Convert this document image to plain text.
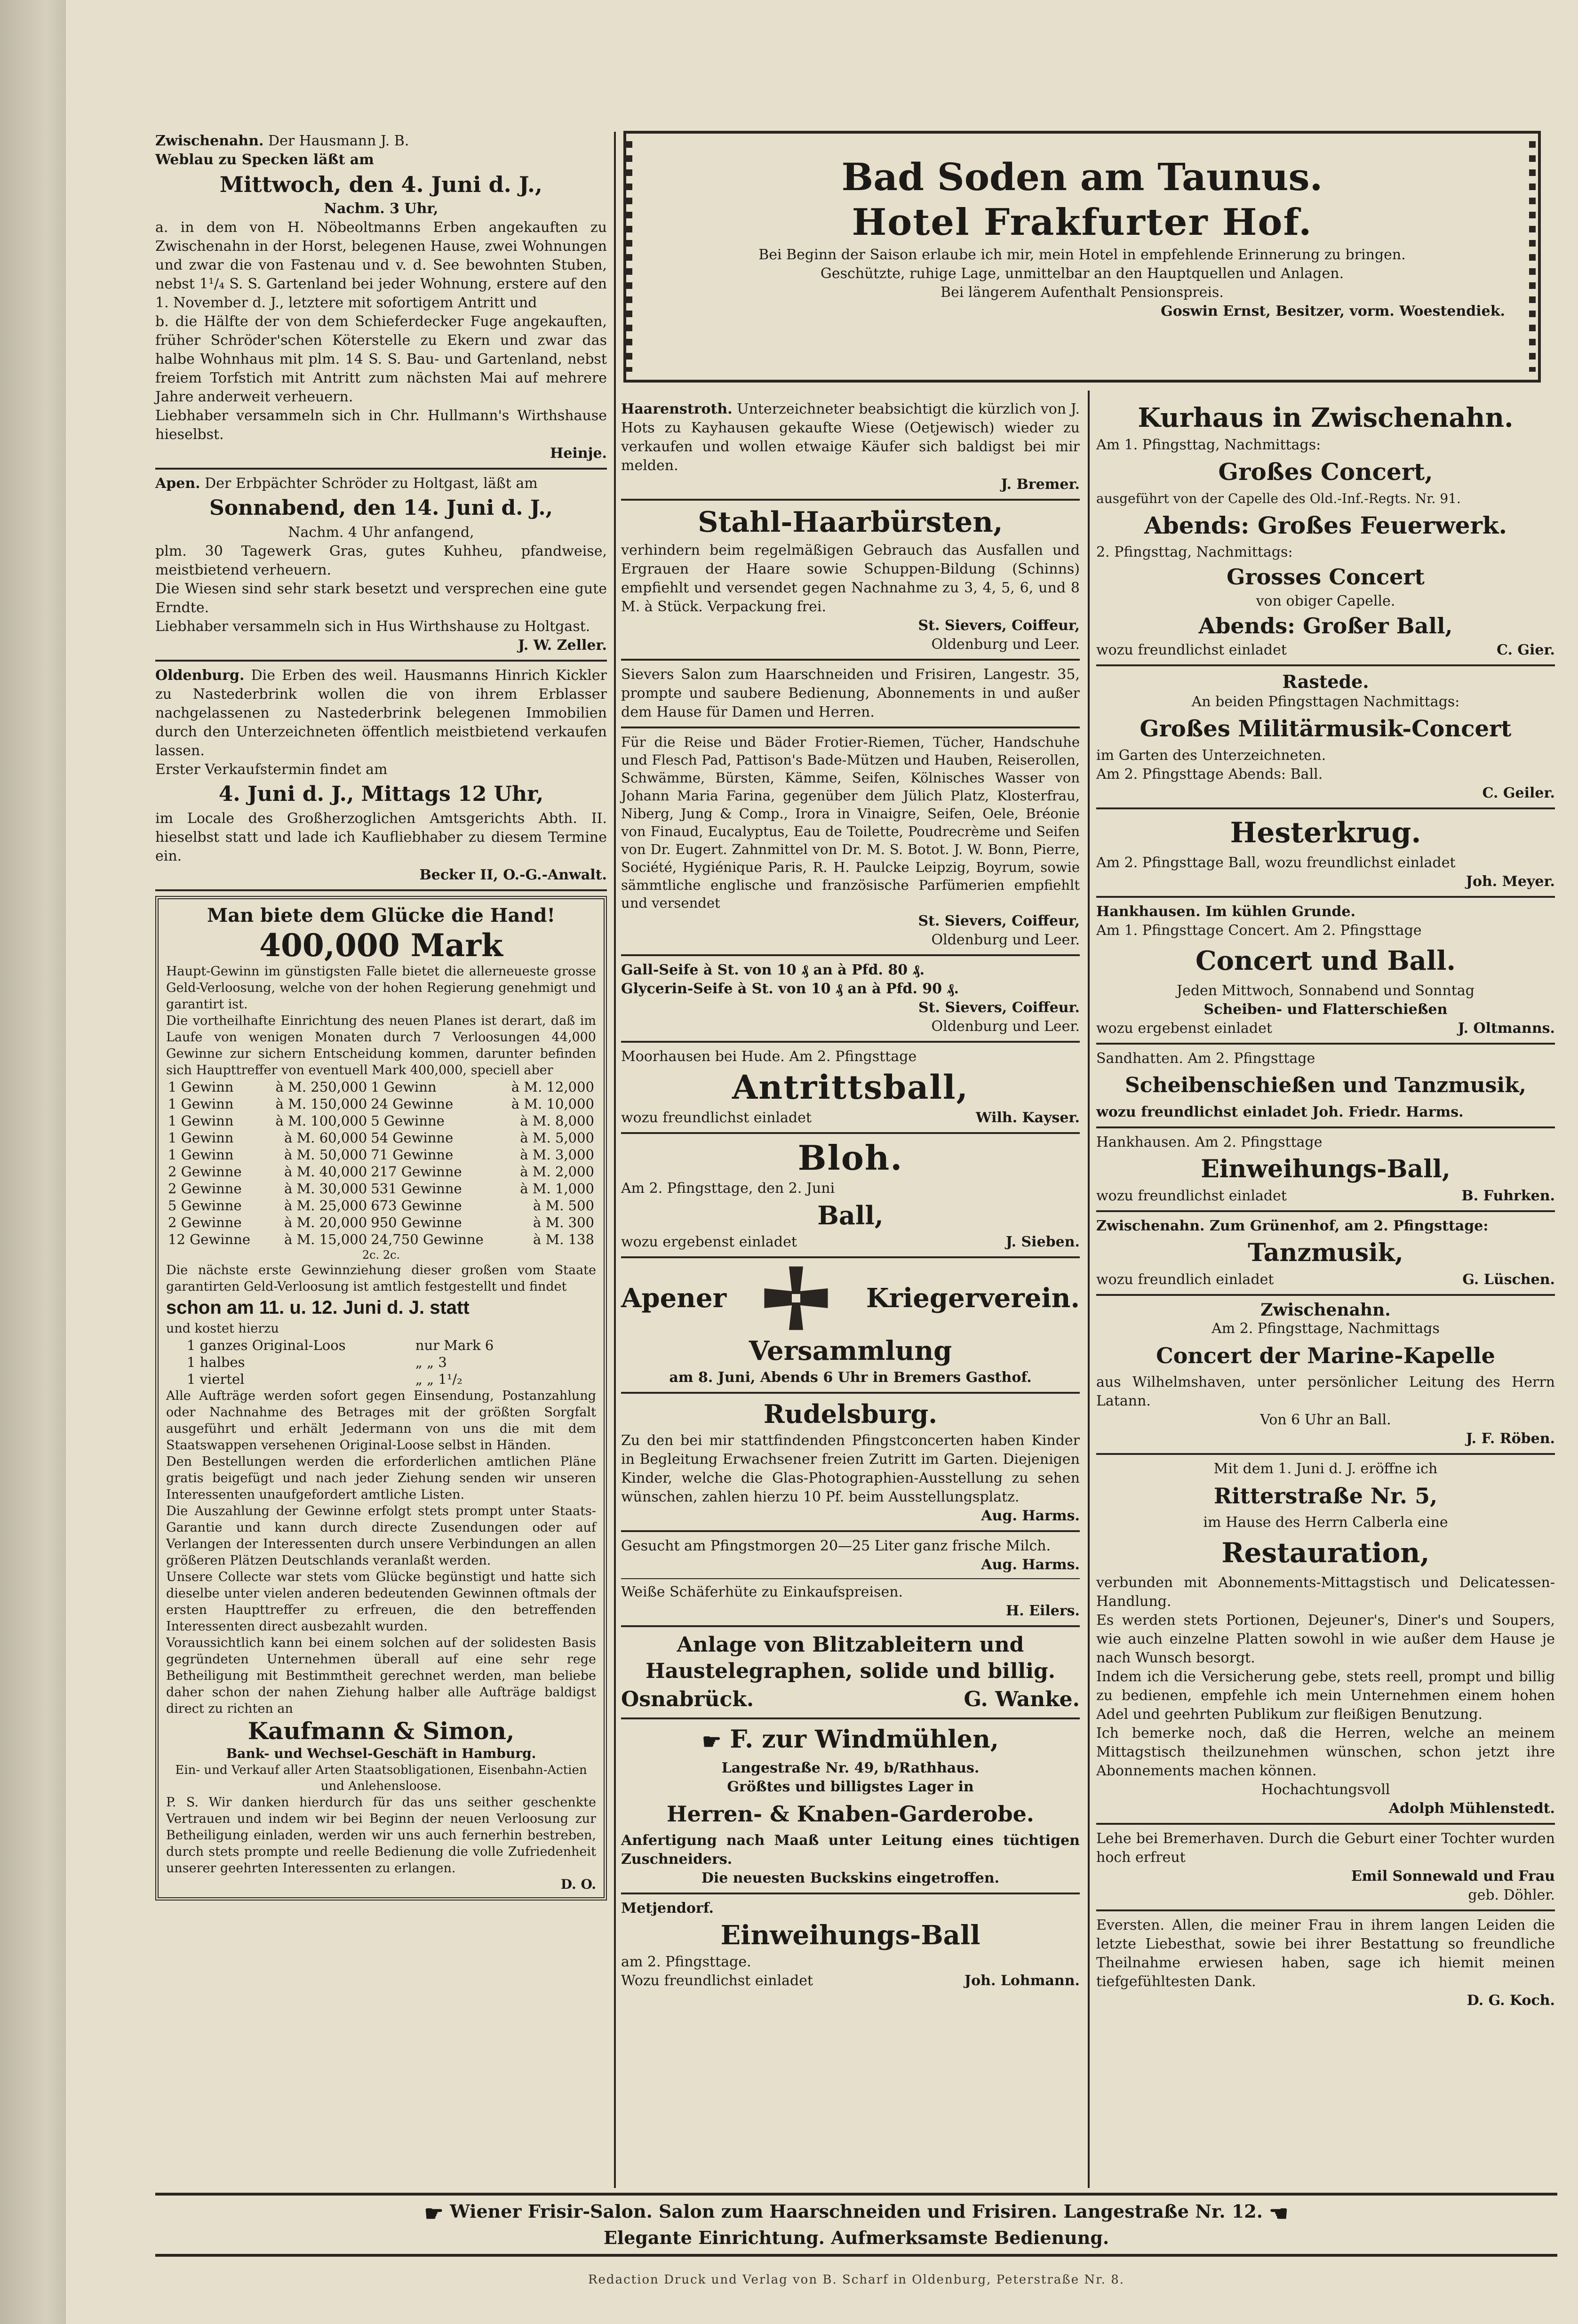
Bad Soden am Taunus.
Hotel Frakfurter Hof.

Bei Beginn der Saison erlaube ich mir, mein Hotel in empfehlende Erinnerung zu bringen.

Geschützte, ruhige Lage, unmittelbar an den Hauptquellen und Anlagen.

Bei längerem Aufenthalt Pensionspreis.

Goswin Ernst, Besitzer, vorm. Woestendiek.

Zwischenahn. Der Hausmann J. B.

Weblau zu Specken läßt am

Mittwoch, den 4. Juni d. J.,

Nachm. 3 Uhr,

a. in dem von H. Nöbeoltmanns Erben angekauften zu Zwischenahn in der Horst, belegenen Hause, zwei Wohnungen und zwar die von Fastenau und v. d. See bewohnten Stuben, nebst 1¹/₄ S. S. Gartenland bei jeder Wohnung, erstere auf den 1. November d. J., letztere mit sofortigem Antritt und

b. die Hälfte der von dem Schieferdecker Fuge angekauften, früher Schröder'schen Köterstelle zu Ekern und zwar das halbe Wohnhaus mit plm. 14 S. S. Bau- und Gartenland, nebst freiem Torfstich mit Antritt zum nächsten Mai auf mehrere Jahre anderweit verheuern.

Liebhaber versammeln sich in Chr. Hullmann's Wirthshause hieselbst.

Heinje.

Apen. Der Erbpächter Schröder zu Holtgast, läßt am

Sonnabend, den 14. Juni d. J.,

Nachm. 4 Uhr anfangend,

plm. 30 Tagewerk Gras, gutes Kuhheu, pfandweise, meistbietend verheuern.

Die Wiesen sind sehr stark besetzt und versprechen eine gute Erndte.

Liebhaber versammeln sich in Hus Wirthshause zu Holtgast.

J. W. Zeller.

Oldenburg. Die Erben des weil. Hausmanns Hinrich Kickler zu Nastederbrink wollen die von ihrem Erblasser nachgelassenen zu Nastederbrink belegenen Immobilien durch den Unterzeichneten öffentlich meistbietend verkaufen lassen.

Erster Verkaufstermin findet am

4. Juni d. J., Mittags 12 Uhr,

im Locale des Großherzoglichen Amtsgerichts Abth. II. hieselbst statt und lade ich Kaufliebhaber zu diesem Termine ein.

Becker II, O.-G.-Anwalt.

Man biete dem Glücke die Hand!
400,000 Mark

Haupt-Gewinn im günstigsten Falle bietet die allerneueste grosse Geld-Verloosung, welche von der hohen Regierung genehmigt und garantirt ist.

Die vortheilhafte Einrichtung des neuen Planes ist derart, daß im Laufe von wenigen Monaten durch 7 Verloosungen 44,000 Gewinne zur sichern Entscheidung kommen, darunter befinden sich Haupttreffer von eventuell Mark 400,000, speciell aber

1 Gewinn	à M. 250,000	1 Gewinn	à M. 12,000
1 Gewinn	à M. 150,000	24 Gewinne	à M. 10,000
1 Gewinn	à M. 100,000	5 Gewinne	à M. 8,000
1 Gewinn	à M. 60,000	54 Gewinne	à M. 5,000
1 Gewinn	à M. 50,000	71 Gewinne	à M. 3,000
2 Gewinne	à M. 40,000	217 Gewinne	à M. 2,000
2 Gewinne	à M. 30,000	531 Gewinne	à M. 1,000
5 Gewinne	à M. 25,000	673 Gewinne	à M. 500
2 Gewinne	à M. 20,000	950 Gewinne	à M. 300
12 Gewinne	à M. 15,000	24,750 Gewinne	à M. 138

2c. 2c.

Die nächste erste Gewinnziehung dieser großen vom Staate garantirten Geld-Verloosung ist amtlich festgestellt und findet

schon am 11. u. 12. Juni d. J. statt

und kostet hierzu

1 ganzes Original-Loos	nur Mark 6
1 halbes	„ „ 3
1 viertel	„ „ 1¹/₂

Alle Aufträge werden sofort gegen Einsendung, Postanzahlung oder Nachnahme des Betrages mit der größten Sorgfalt ausgeführt und erhält Jedermann von uns die mit dem Staatswappen versehenen Original-Loose selbst in Händen.

Den Bestellungen werden die erforderlichen amtlichen Pläne gratis beigefügt und nach jeder Ziehung senden wir unseren Interessenten unaufgefordert amtliche Listen.

Die Auszahlung der Gewinne erfolgt stets prompt unter Staats-Garantie und kann durch directe Zusendungen oder auf Verlangen der Interessenten durch unsere Verbindungen an allen größeren Plätzen Deutschlands veranlaßt werden.

Unsere Collecte war stets vom Glücke begünstigt und hatte sich dieselbe unter vielen anderen bedeutenden Gewinnen oftmals der ersten Haupttreffer zu erfreuen, die den betreffenden Interessenten direct ausbezahlt wurden.

Voraussichtlich kann bei einem solchen auf der solidesten Basis gegründeten Unternehmen überall auf eine sehr rege Betheiligung mit Bestimmtheit gerechnet werden, man beliebe daher schon der nahen Ziehung halber alle Aufträge baldigst direct zu richten an

Kaufmann & Simon,

Bank- und Wechsel-Geschäft in Hamburg.

Ein- und Verkauf aller Arten Staatsobligationen, Eisenbahn-Actien und Anlehensloose.

P. S. Wir danken hierdurch für das uns seither geschenkte Vertrauen und indem wir bei Beginn der neuen Verloosung zur Betheiligung einladen, werden wir uns auch fernerhin bestreben, durch stets prompte und reelle Bedienung die volle Zufriedenheit unserer geehrten Interessenten zu erlangen.

D. O.

Haarenstroth. Unterzeichneter beabsichtigt die kürzlich von J. Hots zu Kayhausen gekaufte Wiese (Oetjewisch) wieder zu verkaufen und wollen etwaige Käufer sich baldigst bei mir melden.

J. Bremer.

Stahl-Haarbürsten,

verhindern beim regelmäßigen Gebrauch das Ausfallen und Ergrauen der Haare sowie Schuppen-Bildung (Schinns) empfiehlt und versendet gegen Nachnahme zu 3, 4, 5, 6, und 8 M. à Stück. Verpackung frei.

St. Sievers, Coiffeur,

Oldenburg und Leer.

Sievers Salon zum Haarschneiden und Frisiren, Langestr. 35, prompte und saubere Bedienung, Abonnements in und außer dem Hause für Damen und Herren.

Für die Reise und Bäder Frotier-Riemen, Tücher, Handschuhe und Flesch Pad, Pattison's Bade-Mützen und Hauben, Reiserollen, Schwämme, Bürsten, Kämme, Seifen, Kölnisches Wasser von Johann Maria Farina, gegenüber dem Jülich Platz, Klosterfrau, Niberg, Jung & Comp., Irora in Vinaigre, Seifen, Oele, Bréonie von Finaud, Eucalyptus, Eau de Toilette, Poudrecrème und Seifen von Dr. Eugert. Zahnmittel von Dr. M. S. Botot. J. W. Bonn, Pierre, Société, Hygiénique Paris, R. H. Paulcke Leipzig, Boyrum, sowie sämmtliche englische und französische Parfümerien empfiehlt und versendet

St. Sievers, Coiffeur,

Oldenburg und Leer.

Gall-Seife à St. von 10 ₰ an à Pfd. 80 ₰.

Glycerin-Seife à St. von 10 ₰ an à Pfd. 90 ₰.

St. Sievers, Coiffeur.

Oldenburg und Leer.

Moorhausen bei Hude. Am 2. Pfingsttage

Antrittsball,
wozu freundlichst einladet	Wilh. Kayser.
Bloh.

Am 2. Pfingsttage, den 2. Juni

Ball,
wozu ergebenst einladet	J. Sieben.
Apener	Kriegerverein.
Versammlung

am 8. Juni, Abends 6 Uhr in Bremers Gasthof.

Rudelsburg.

Zu den bei mir stattfindenden Pfingstconcerten haben Kinder in Begleitung Erwachsener freien Zutritt im Garten. Diejenigen Kinder, welche die Glas-Photographien-Ausstellung zu sehen wünschen, zahlen hierzu 10 Pf. beim Ausstellungsplatz.

Aug. Harms.

Gesucht am Pfingstmorgen 20—25 Liter ganz frische Milch.

Aug. Harms.

Weiße Schäferhüte zu Einkaufspreisen.

H. Eilers.

Anlage von Blitzableitern und Haustelegraphen, solide und billig.
Osnabrück.	G. Wanke.
☛ F. zur Windmühlen,

Langestraße Nr. 49, b/Rathhaus.

Größtes und billigstes Lager in

Herren- & Knaben-Garderobe.

Anfertigung nach Maaß unter Leitung eines tüchtigen Zuschneiders.

Die neuesten Buckskins eingetroffen.

Metjendorf.

Einweihungs-Ball

am 2. Pfingsttage.

Wozu freundlichst einladet	Joh. Lohmann.
Kurhaus in Zwischenahn.

Am 1. Pfingsttag, Nachmittags:

Großes Concert,

ausgeführt von der Capelle des Old.-Inf.-Regts. Nr. 91.

Abends: Großes Feuerwerk.

2. Pfingsttag, Nachmittags:

Grosses Concert

von obiger Capelle.

Abends: Großer Ball,
wozu freundlichst einladet	C. Gier.

Rastede.

An beiden Pfingsttagen Nachmittags:

Großes Militärmusik-Concert

im Garten des Unterzeichneten.

Am 2. Pfingsttage Abends: Ball.

C. Geiler.

Hesterkrug.

Am 2. Pfingsttage Ball, wozu freundlichst einladet

Joh. Meyer.

Hankhausen. Im kühlen Grunde.

Am 1. Pfingsttage Concert. Am 2. Pfingsttage

Concert und Ball.

Jeden Mittwoch, Sonnabend und Sonntag

Scheiben- und Flatterschießen

wozu ergebenst einladet	J. Oltmanns.

Sandhatten. Am 2. Pfingsttage

Scheibenschießen und Tanzmusik,

wozu freundlichst einladet Joh. Friedr. Harms.

Hankhausen. Am 2. Pfingsttage

Einweihungs-Ball,
wozu freundlichst einladet	B. Fuhrken.

Zwischenahn. Zum Grünenhof, am 2. Pfingsttage:

Tanzmusik,
wozu freundlich einladet	G. Lüschen.

Zwischenahn.

Am 2. Pfingsttage, Nachmittags

Concert der Marine-Kapelle

aus Wilhelmshaven, unter persönlicher Leitung des Herrn Latann.

Von 6 Uhr an Ball.

J. F. Röben.

Mit dem 1. Juni d. J. eröffne ich

Ritterstraße Nr. 5,

im Hause des Herrn Calberla eine

Restauration,

verbunden mit Abonnements-Mittagstisch und Delicatessen-Handlung.

Es werden stets Portionen, Dejeuner's, Diner's und Soupers, wie auch einzelne Platten sowohl in wie außer dem Hause je nach Wunsch besorgt.

Indem ich die Versicherung gebe, stets reell, prompt und billig zu bedienen, empfehle ich mein Unternehmen einem hohen Adel und geehrten Publikum zur fleißigen Benutzung.

Ich bemerke noch, daß die Herren, welche an meinem Mittagstisch theilzunehmen wünschen, schon jetzt ihre Abonnements machen können.

Hochachtungsvoll

Adolph Mühlenstedt.

Lehe bei Bremerhaven. Durch die Geburt einer Tochter wurden hoch erfreut

Emil Sonnewald und Frau

geb. Döhler.

Eversten. Allen, die meiner Frau in ihrem langen Leiden die letzte Liebesthat, sowie bei ihrer Bestattung so freundliche Theilnahme erwiesen haben, sage ich hiemit meinen tiefgefühltesten Dank.

D. G. Koch.

☛ Wiener Frisir-Salon. Salon zum Haarschneiden und Frisiren. Langestraße Nr. 12. ☚
Elegante Einrichtung. Aufmerksamste Bedienung.
Redaction Druck und Verlag von B. Scharf in Oldenburg, Peterstraße Nr. 8.
